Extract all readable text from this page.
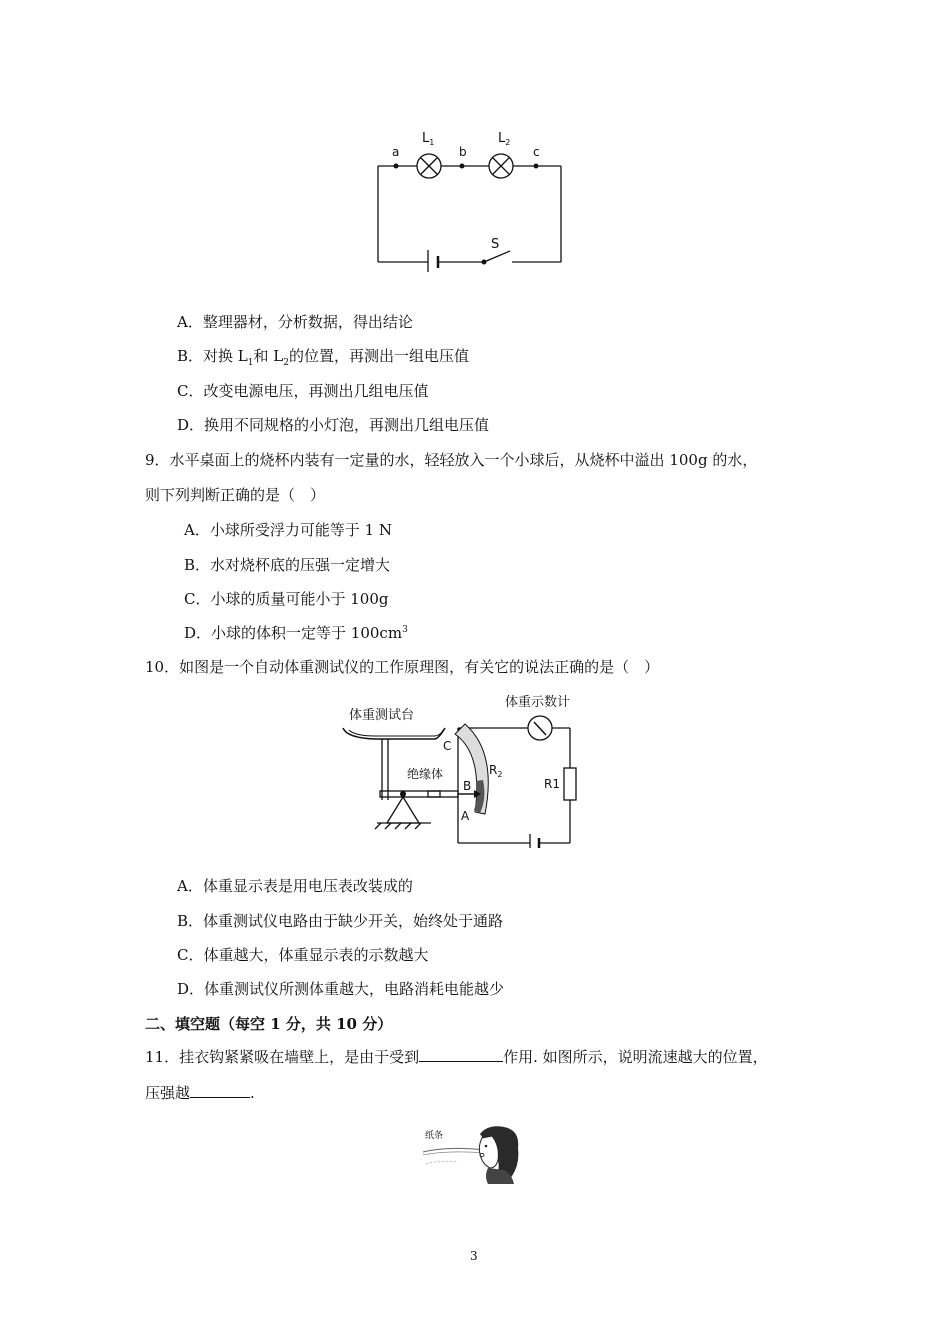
a	b	c
$L_1$	$L_2$
S
A．整理器材，分析数据，得出结论
B．对换 $L_1$和 $L_2$的位置，再测出一组电压值
C．改变电源电压，再测出几组电压值
D．换用不同规格的小灯泡，再测出几组电压值
9．水平桌面上的烧杯内装有一定量的水，轻轻放入一个小球后，从烧杯中溢出 100g 的水，
则下列判断正确的是（　）
A．小球所受浮力可能等于 1 N
B．水对烧杯底的压强一定增大
C．小球的质量可能小于 100g
D．小球的体积一定等于 $100cm^3$
10．如图是一个自动体重测试仪的工作原理图，有关它的说法正确的是（　）
体重测试台
体重示数计
绝缘体	$R_2$
R1
A
B
C
A．体重显示表是用电压表改装成的
B．体重测试仪电路由于缺少开关，始终处于通路
C．体重越大，体重显示表的示数越大
D．体重测试仪所测体重越大，电路消耗电能越少
二、填空题（每空 1 分，共 10 分）
11．挂衣钩紧紧吸在墙壁上，是由于受到	作用. 如图所示，说明流速越大的位置，
压强越	.
纸条
3
